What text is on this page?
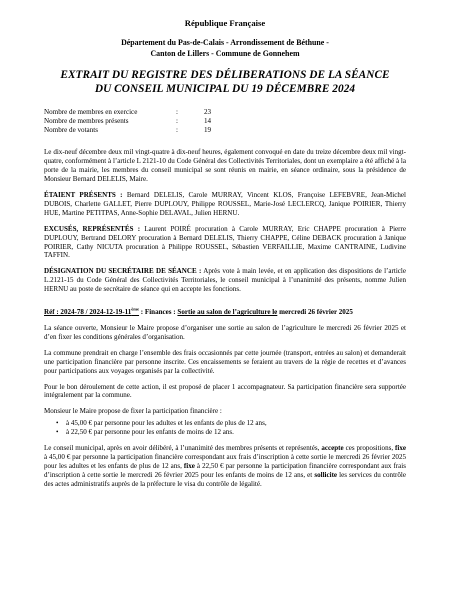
République Française
Département du Pas-de-Calais - Arrondissement de Béthune -
Canton de Lillers - Commune de Gonnehem
EXTRAIT DU REGISTRE DES DÉLIBERATIONS DE LA SÉANCE
DU CONSEIL MUNICIPAL DU 19 DÉCEMBRE 2024
Nombre de membres en exercice	:	23
Nombre de membres présents	:	14
Nombre de votants	:	19

Le dix-neuf décembre deux mil vingt-quatre à dix-neuf heures, également convoqué en date du treize décembre deux mil vingt-quatre, conformément à l’article L 2121-10 du Code Général des Collectivités Territoriales, dont un exemplaire a été affiché à la porte de la mairie, les membres du conseil municipal se sont réunis en mairie, en séance ordinaire, sous la présidence de Monsieur Bernard DELELIS, Maire.

ÉTAIENT PRÉSENTS : Bernard DELELIS, Carole MURRAY, Vincent KLOS, Françoise LEFEBVRE, Jean-Michel DUBOIS, Charlette GALLET, Pierre DUPLOUY, Philippe ROUSSEL, Marie-José LECLERCQ, Janique POIRIER, Thierry HUE, Martine PETITPAS, Anne-Sophie DELAVAL, Julien HERNU.

EXCUSÉS, REPRÉSENTÉS : Laurent POIRÉ procuration à Carole MURRAY, Eric CHAPPE procuration à Pierre DUPLOUY, Bertrand DELORY procuration à Bernard DELELIS, Thierry CHAPPE, Céline DEBACK procuration à Janique POIRIER, Cathy NICUTA procuration à Philippe ROUSSEL, Sébastien VERFAILLIE, Maxime CANTRAINE, Ludivine TAFFIN.

DÉSIGNATION DU SECRÉTAIRE DE SÉANCE : Après vote à main levée, et en application des dispositions de l’article L.2121-15 du Code Général des Collectivités Territoriales, le conseil municipal à l’unanimité des présents, nomme Julien HERNU au poste de secrétaire de séance qui en accepte les fonctions.

Réf : 2024-78 / 2024-12-19-11ème : Finances : Sortie au salon de l’agriculture le mercredi 26 février 2025

La séance ouverte, Monsieur le Maire propose d’organiser une sortie au salon de l’agriculture le mercredi 26 février 2025 et d’en fixer les conditions générales d’organisation.

La commune prendrait en charge l’ensemble des frais occasionnés par cette journée (transport, entrées au salon) et demanderait une participation financière par personne inscrite. Ces encaissements se feraient au travers de la régie de recettes et d’avances pour participations aux voyages organisés par la collectivité.

Pour le bon déroulement de cette action, il est proposé de placer 1 accompagnateur. Sa participation financière sera supportée intégralement par la commune.

Monsieur le Maire propose de fixer la participation financière :

• à 45,00 € par personne pour les adultes et les enfants de plus de 12 ans,
• à 22,50 € par personne pour les enfants de moins de 12 ans.

Le conseil municipal, après en avoir délibéré, à l’unanimité des membres présents et représentés, accepte ces propositions, fixe à 45,00 € par personne la participation financière correspondant aux frais d’inscription à cette sortie le mercredi 26 février 2025 pour les adultes et les enfants de plus de 12 ans, fixe à 22,50 € par personne la participation financière correspondant aux frais d’inscription à cette sortie le mercredi 26 février 2025 pour les enfants de moins de 12 ans, et sollicite les services du contrôle des actes administratifs auprès de la préfecture le visa du contrôle de légalité.
